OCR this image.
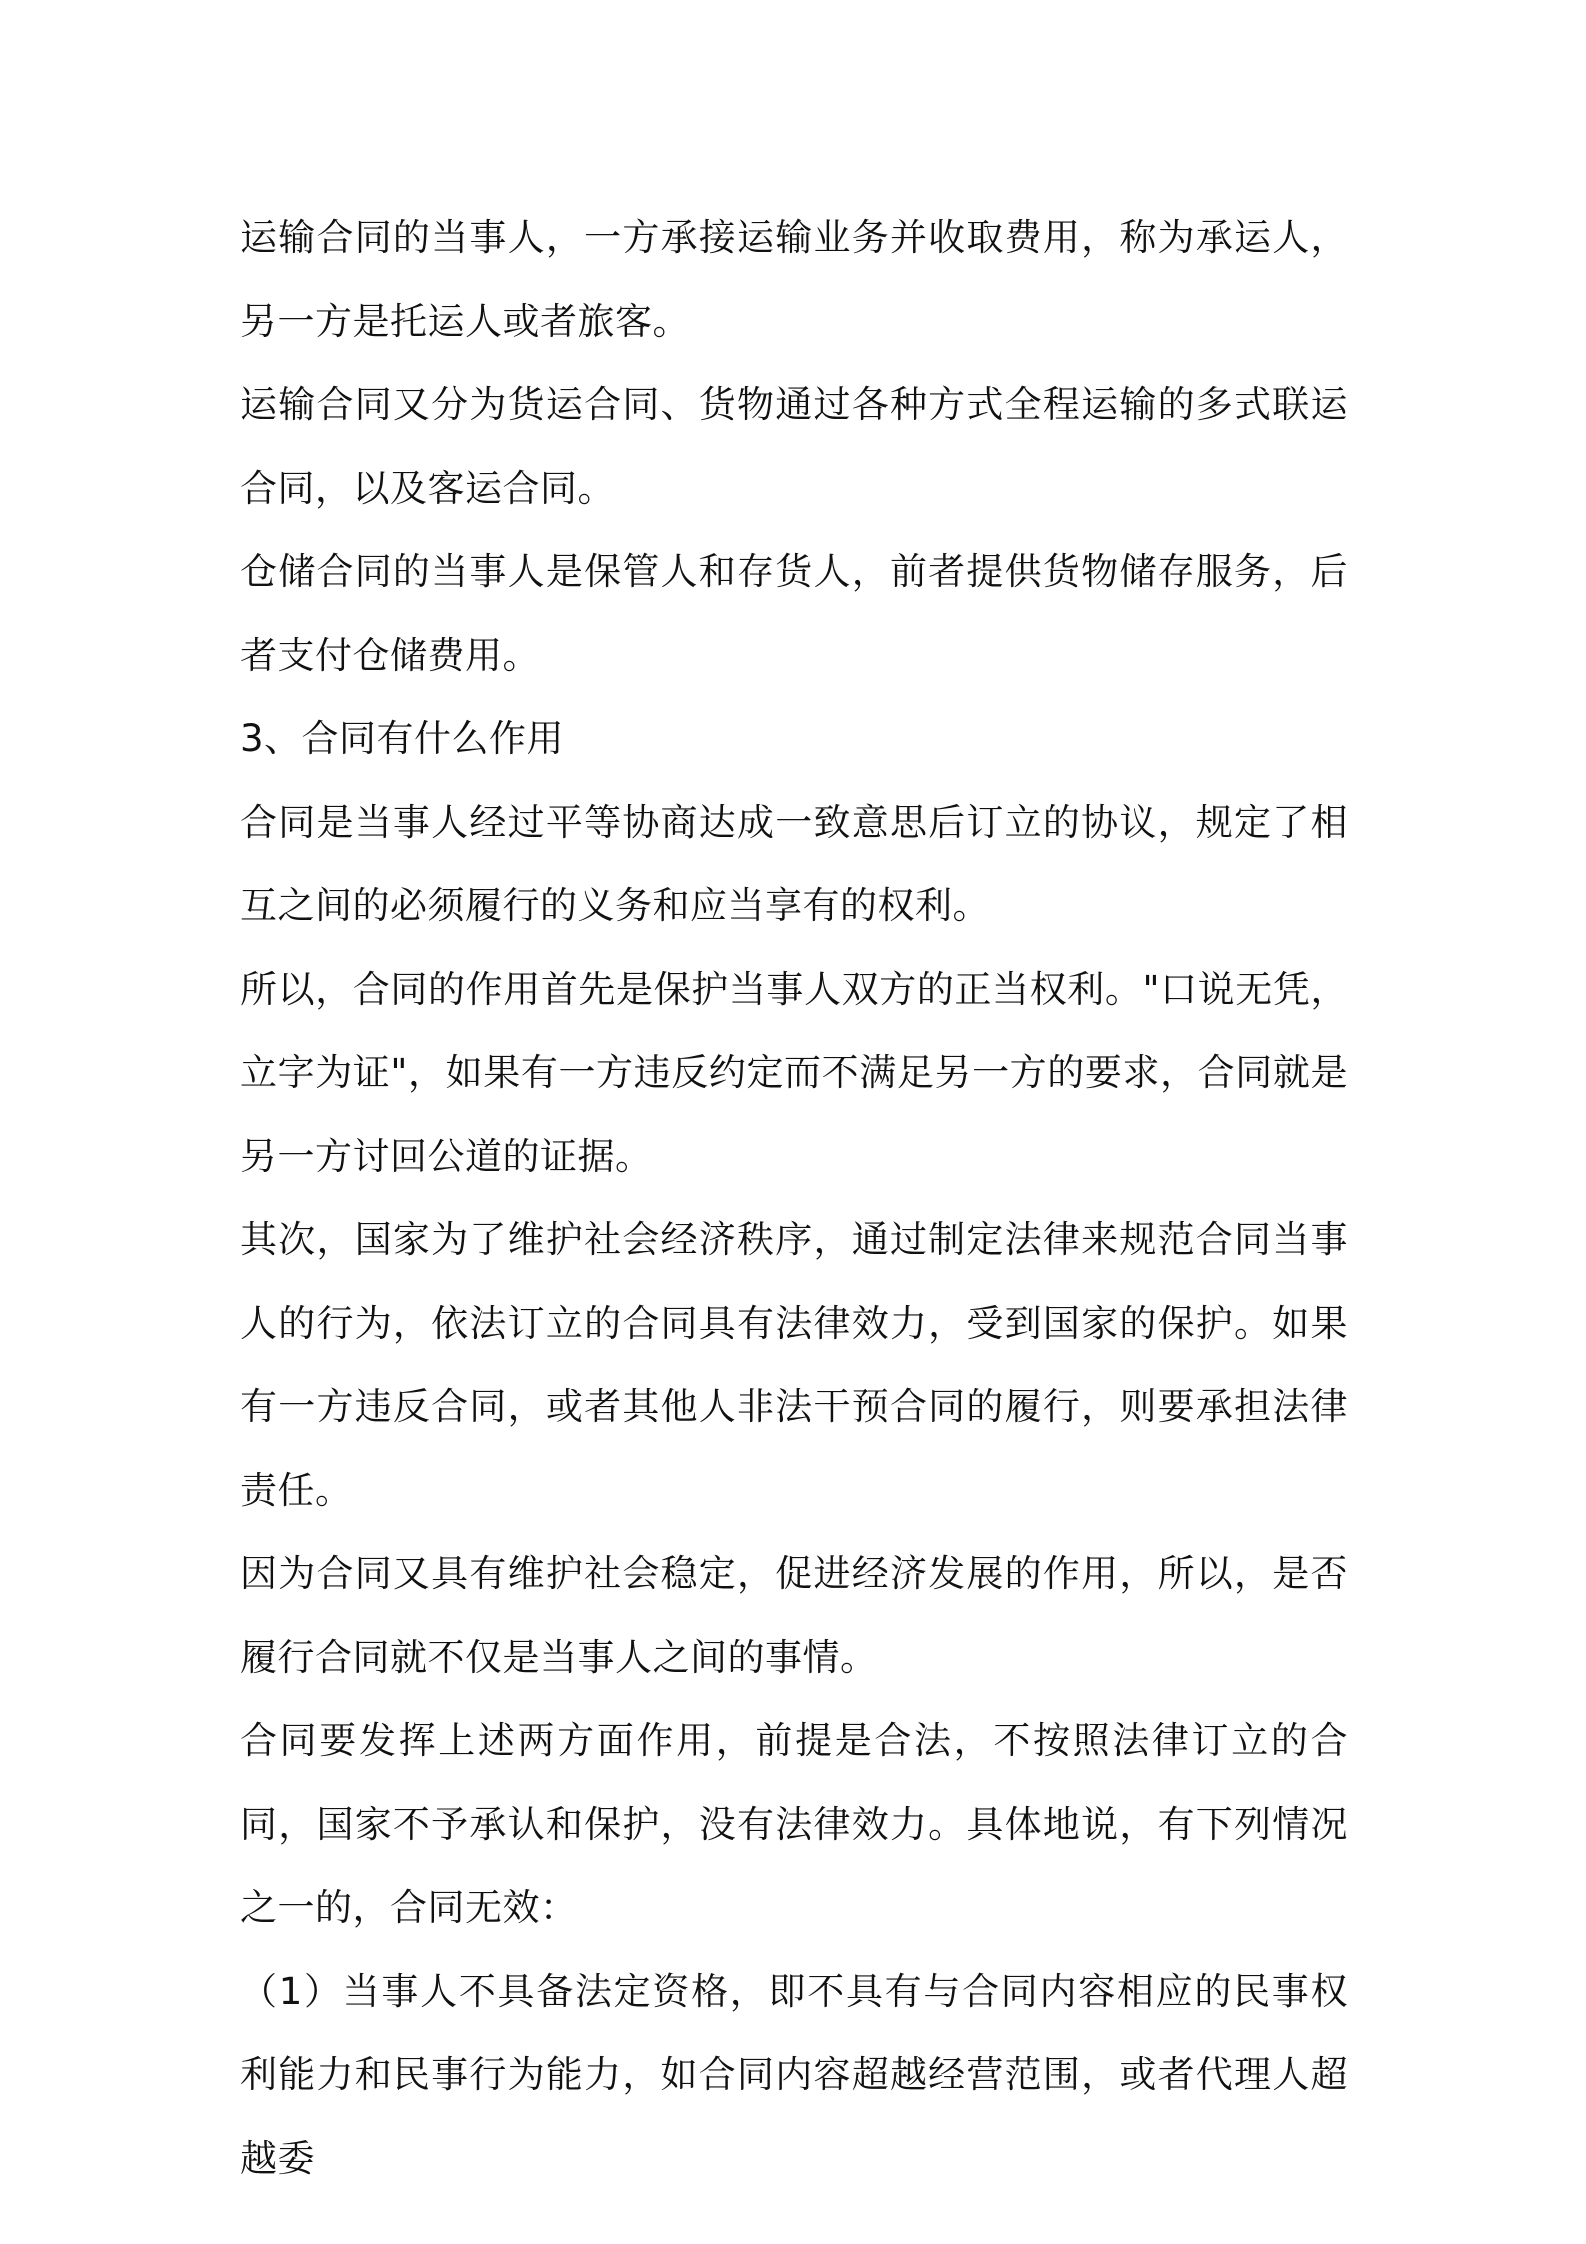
运输合同的当事人，一方承接运输业务并收取费用，称为承运人，另一方是托运人或者旅客。

运输合同又分为货运合同、货物通过各种方式全程运输的多式联运合同，以及客运合同。

仓储合同的当事人是保管人和存货人，前者提供货物储存服务，后者支付仓储费用。

3、合同有什么作用

合同是当事人经过平等协商达成一致意思后订立的协议，规定了相互之间的必须履行的义务和应当享有的权利。

所以，合同的作用首先是保护当事人双方的正当权利。"口说无凭，立字为证"，如果有一方违反约定而不满足另一方的要求，合同就是另一方讨回公道的证据。

其次，国家为了维护社会经济秩序，通过制定法律来规范合同当事人的行为，依法订立的合同具有法律效力，受到国家的保护。如果有一方违反合同，或者其他人非法干预合同的履行，则要承担法律责任。

因为合同又具有维护社会稳定，促进经济发展的作用，所以，是否履行合同就不仅是当事人之间的事情。

合同要发挥上述两方面作用，前提是合法，不按照法律订立的合同，国家不予承认和保护，没有法律效力。具体地说，有下列情况之一的，合同无效：

（1）当事人不具备法定资格，即不具有与合同内容相应的民事权利能力和民事行为能力，如合同内容超越经营范围，或者代理人超越委
